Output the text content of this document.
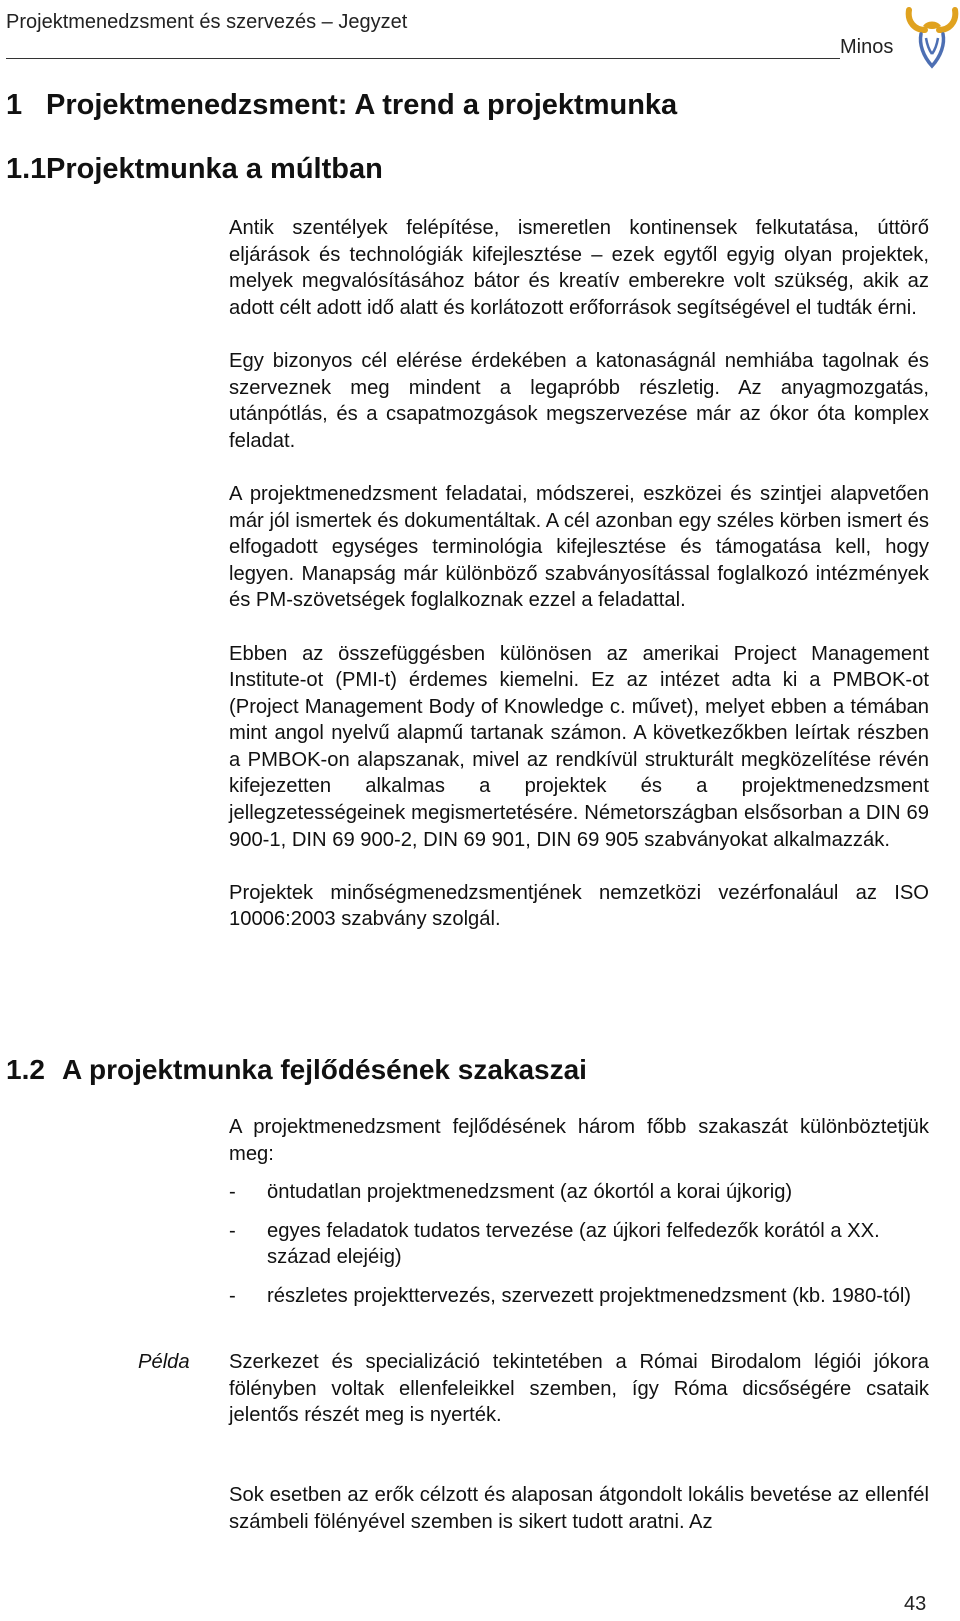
Projektmenedzsment és szervezés – Jegyzet
Minos
1 Projektmenedzsment: A trend a projektmunka
1.1Projektmunka a múltban

Antik szentélyek felépítése, ismeretlen kontinensek felkutatása, úttörő eljárások és technológiák kifejlesztése – ezek egytől egyig olyan projektek, melyek megvalósításához bátor és kreatív emberekre volt szükség, akik az adott célt adott idő alatt és korlátozott erőforrások segítségével el tudták érni.

Egy bizonyos cél elérése érdekében a katonaságnál nemhiába tagolnak és szerveznek meg mindent a legapróbb részletig. Az anyagmozgatás, utánpótlás, és a csapatmozgások megszervezése már az ókor óta komplex feladat.

A projektmenedzsment feladatai, módszerei, eszközei és szintjei alapvetően már jól ismertek és dokumentáltak. A cél azonban egy széles körben ismert és elfogadott egységes terminológia kifejlesztése és támogatása kell, hogy legyen. Manapság már különböző szabványosítással foglalkozó intézmények és PM-szövetségek foglalkoznak ezzel a feladattal.

Ebben az összefüggésben különösen az amerikai Project Management Institute-ot (PMI-t) érdemes kiemelni. Ez az intézet adta ki a PMBOK-ot (Project Management Body of Knowledge c. művet), melyet ebben a témában mint angol nyelvű alapmű tartanak számon. A következőkben leírtak részben a PMBOK-on alapszanak, mivel az rendkívül strukturált megközelítése révén kifejezetten alkalmas a projektek és a projektmenedzsment jellegzetességeinek megismertetésére. Németországban elsősorban a DIN 69 900-1, DIN 69 900-2, DIN 69 901, DIN 69 905 szabványokat alkalmazzák.

Projektek minőségmenedzsmentjének nemzetközi vezérfonalául az ISO 10006:2003 szabvány szolgál.

1.2 A projektmunka fejlődésének szakaszai

A projektmenedzsment fejlődésének három főbb szakaszát különböztetjük meg:

- öntudatlan projektmenedzsment (az ókortól a korai újkorig)
- egyes feladatok tudatos tervezése (az újkori felfedezők korától a XX. század elejéig)
- részletes projekttervezés, szervezett projektmenedzsment (kb. 1980-tól)
Példa Szerkezet és specializáció tekintetében a Római Birodalom légiói jókora fölényben voltak ellenfeleikkel szemben, így Róma dicsőségére csataik jelentős részét meg is nyerték.

Sok esetben az erők célzott és alaposan átgondolt lokális bevetése az ellenfél számbeli fölényével szemben is sikert tudott aratni. Az

43
